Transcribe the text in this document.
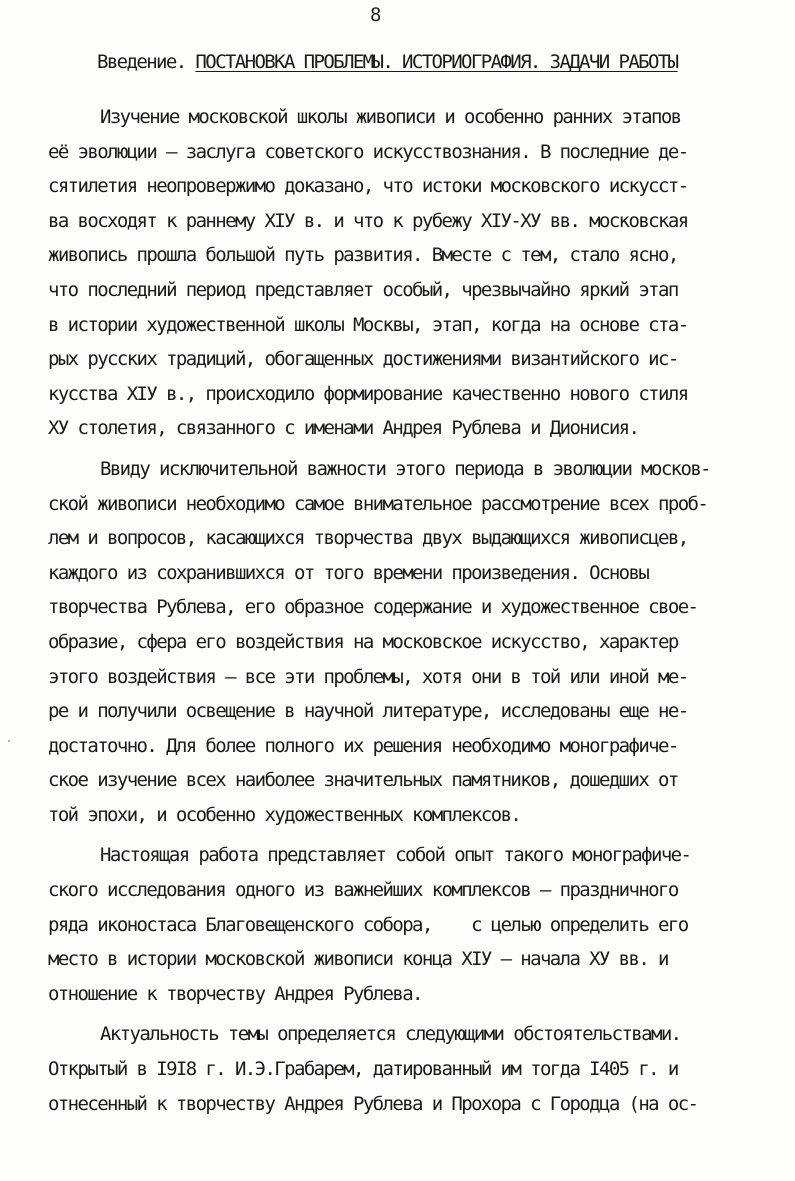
8
Введение. ПОСТАНОВКА ПРОБЛЕМЫ. ИСТОРИОГРАФИЯ. ЗАДАЧИ РАБОТЫ
Изучение московской школы живописи и особенно ранних этапов
её эволюции – заслуга советского искусствознания. В последние де-
сятилетия неопровержимо доказано, что истоки московского искусст-
ва восходят к раннему XIУ в. и что к рубежу XIУ-XУ вв. московская
живопись прошла большой путь развития. Вместе с тем, стало ясно,
что последний период представляет особый, чрезвычайно яркий этап
в истории художественной школы Москвы, этап, когда на основе ста-
рых русских традиций, обогащенных достижениями византийского ис-
кусства XIУ в., происходило формирование качественно нового стиля
XУ столетия, связанного с именами Андрея Рублева и Дионисия.
Ввиду исключительной важности этого периода в эволюции москов-
ской живописи необходимо самое внимательное рассмотрение всех проб-
лем и вопросов, касающихся творчества двух выдающихся живописцев,
каждого из сохранившихся от того времени произведения. Основы
творчества Рублева, его образное содержание и художественное свое-
образие, сфера его воздействия на московское искусство, характер
этого воздействия – все эти проблемы, хотя они в той или иной ме-
ре и получили освещение в научной литературе, исследованы еще не-
достаточно. Для более полного их решения необходимо монографиче-
ское изучение всех наиболее значительных памятников, дошедших от
той эпохи, и особенно художественных комплексов.
Настоящая работа представляет собой опыт такого монографиче-
ского исследования одного из важнейших комплексов – праздничного
ряда иконостаса Благовещенского собора,    с целью определить его
место в истории московской живописи конца XIУ – начала XУ вв. и
отношение к творчеству Андрея Рублева.
Актуальность темы определяется следующими обстоятельствами.
Открытый в I9I8 г. И.Э.Грабарем, датированный им тогда I405 г. и
отнесенный к творчеству Андрея Рублева и Прохора с Городца (на ос-
